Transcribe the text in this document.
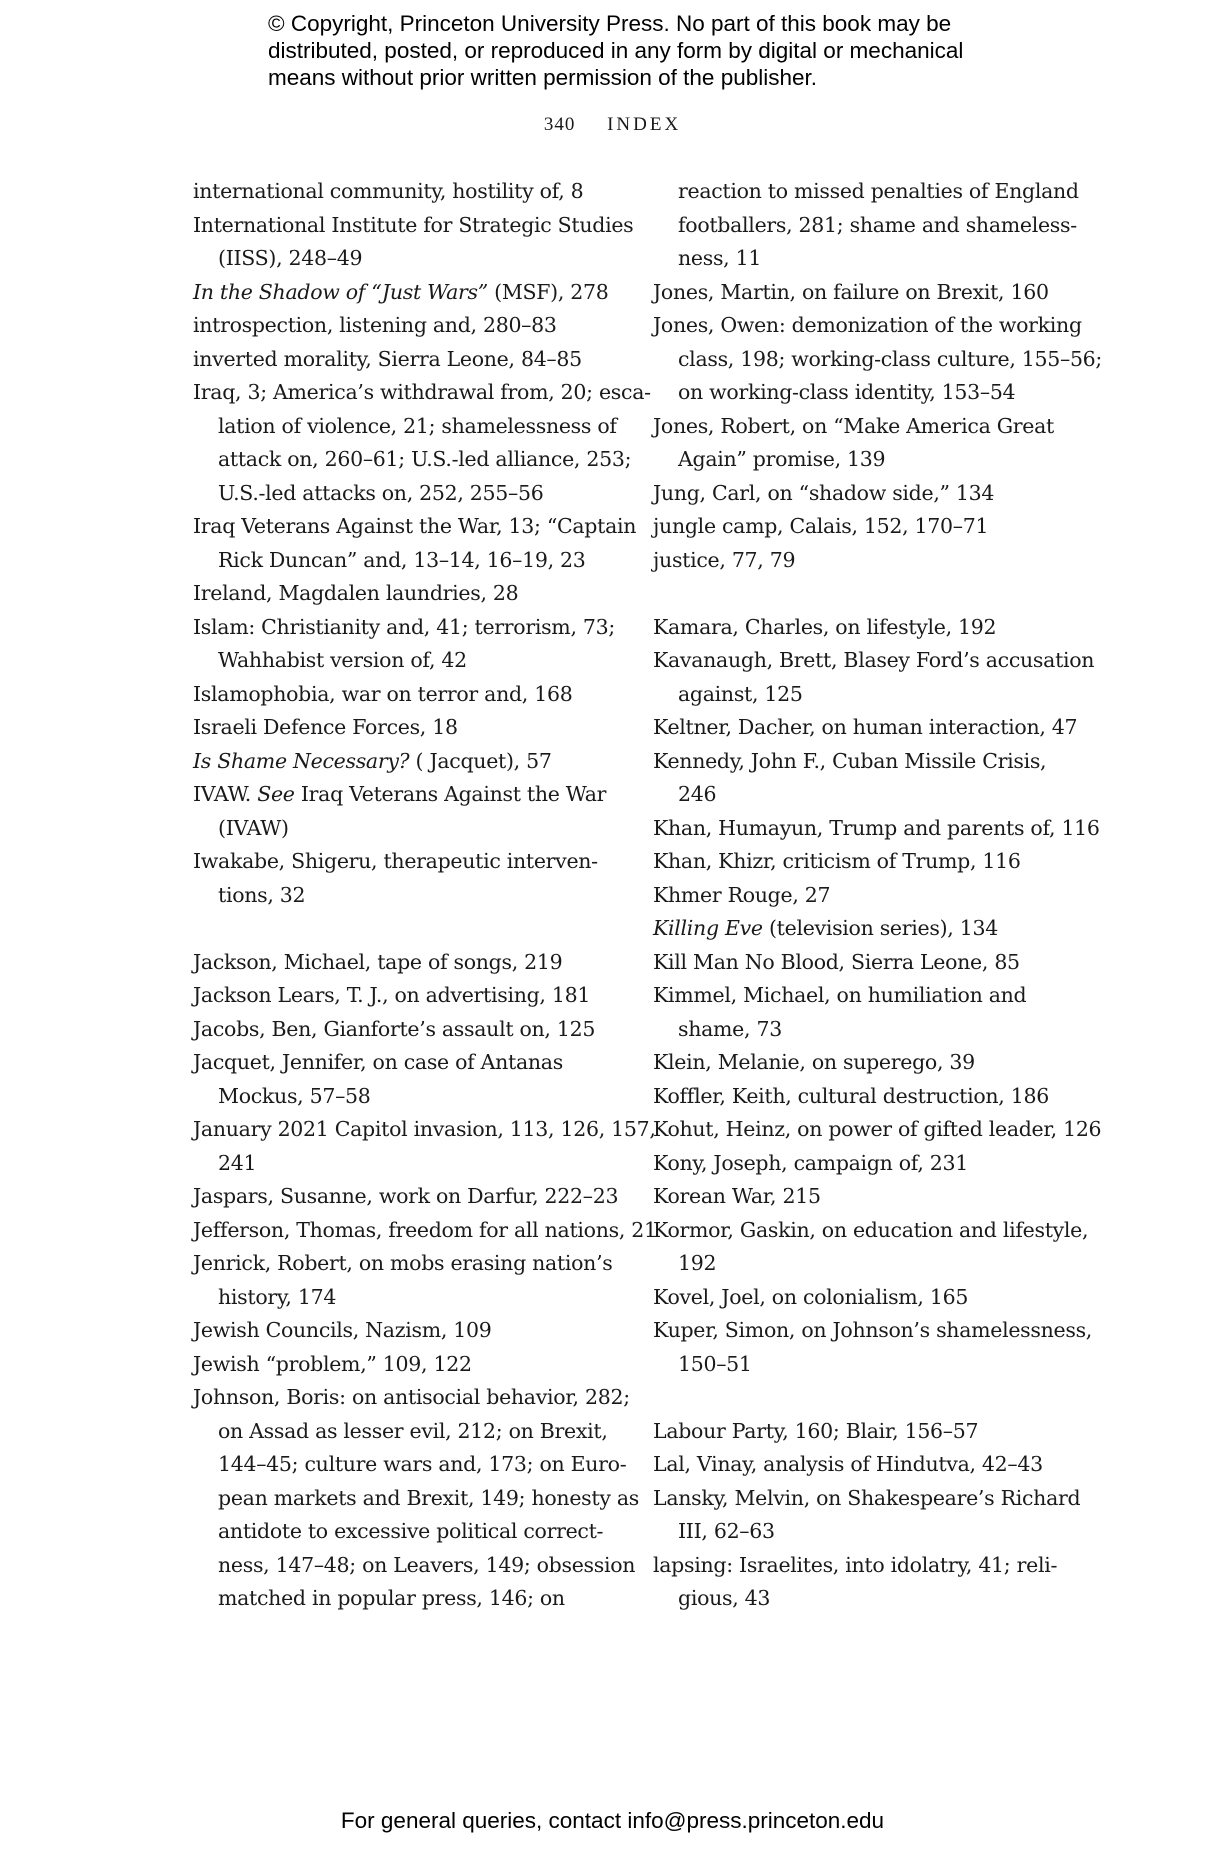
© Copyright, Princeton University Press. No part of this book may be
distributed, posted, or reproduced in any form by digital or mechanical
means without prior written permission of the publisher.

340 INDEX
international community, hostility of, 8
International Institute for Strategic Studies
(IISS), 248–49
In the Shadow of “Just Wars” (MSF), 278
introspection, listening and, 280–83
inverted morality, Sierra Leone, 84–85
Iraq, 3; America’s withdrawal from, 20; esca-
lation of violence, 21; shamelessness of
attack on, 260–61; U.S.-led alliance, 253;
U.S.-led attacks on, 252, 255–56
Iraq Veterans Against the War, 13; “Captain
Rick Duncan” and, 13–14, 16–19, 23
Ireland, Magdalen laundries, 28
Islam: Christianity and, 41; terrorism, 73;
Wahhabist version of, 42
Islamophobia, war on terror and, 168
Israeli Defence Forces, 18
Is Shame Necessary? ( Jacquet), 57
IVAW. See Iraq Veterans Against the War
(IVAW)
Iwakabe, Shigeru, therapeutic interven-
tions, 32
Jackson, Michael, tape of songs, 219
Jackson Lears, T. J., on advertising, 181
Jacobs, Ben, Gianforte’s assault on, 125
Jacquet, Jennifer, on case of Antanas
Mockus, 57–58
January 2021 Capitol invasion, 113, 126, 157,
241
Jaspars, Susanne, work on Darfur, 222–23
Jefferson, Thomas, freedom for all nations, 21
Jenrick, Robert, on mobs erasing nation’s
history, 174
Jewish Councils, Nazism, 109
Jewish “problem,” 109, 122
Johnson, Boris: on antisocial behavior, 282;
on Assad as lesser evil, 212; on Brexit,
144–45; culture wars and, 173; on Euro-
pean markets and Brexit, 149; honesty as
antidote to excessive political correct-
ness, 147–48; on Leavers, 149; obsession
matched in popular press, 146; on
reaction to missed penalties of England
footballers, 281; shame and shameless-
ness, 11
Jones, Martin, on failure on Brexit, 160
Jones, Owen: demonization of the working
class, 198; working-class culture, 155–56;
on working-class identity, 153–54
Jones, Robert, on “Make America Great
Again” promise, 139
Jung, Carl, on “shadow side,” 134
jungle camp, Calais, 152, 170–71
justice, 77, 79
Kamara, Charles, on lifestyle, 192
Kavanaugh, Brett, Blasey Ford’s accusation
against, 125
Keltner, Dacher, on human interaction, 47
Kennedy, John F., Cuban Missile Crisis,
246
Khan, Humayun, Trump and parents of, 116
Khan, Khizr, criticism of Trump, 116
Khmer Rouge, 27
Killing Eve (television series), 134
Kill Man No Blood, Sierra Leone, 85
Kimmel, Michael, on humiliation and
shame, 73
Klein, Melanie, on superego, 39
Koffler, Keith, cultural destruction, 186
Kohut, Heinz, on power of gifted leader, 126
Kony, Joseph, campaign of, 231
Korean War, 215
Kormor, Gaskin, on education and lifestyle,
192
Kovel, Joel, on colonialism, 165
Kuper, Simon, on Johnson’s shamelessness,
150–51
Labour Party, 160; Blair, 156–57
Lal, Vinay, analysis of Hindutva, 42–43
Lansky, Melvin, on Shakespeare’s Richard
III, 62–63
lapsing: Israelites, into idolatry, 41; reli-
gious, 43
For general queries, contact info@press.princeton.edu
